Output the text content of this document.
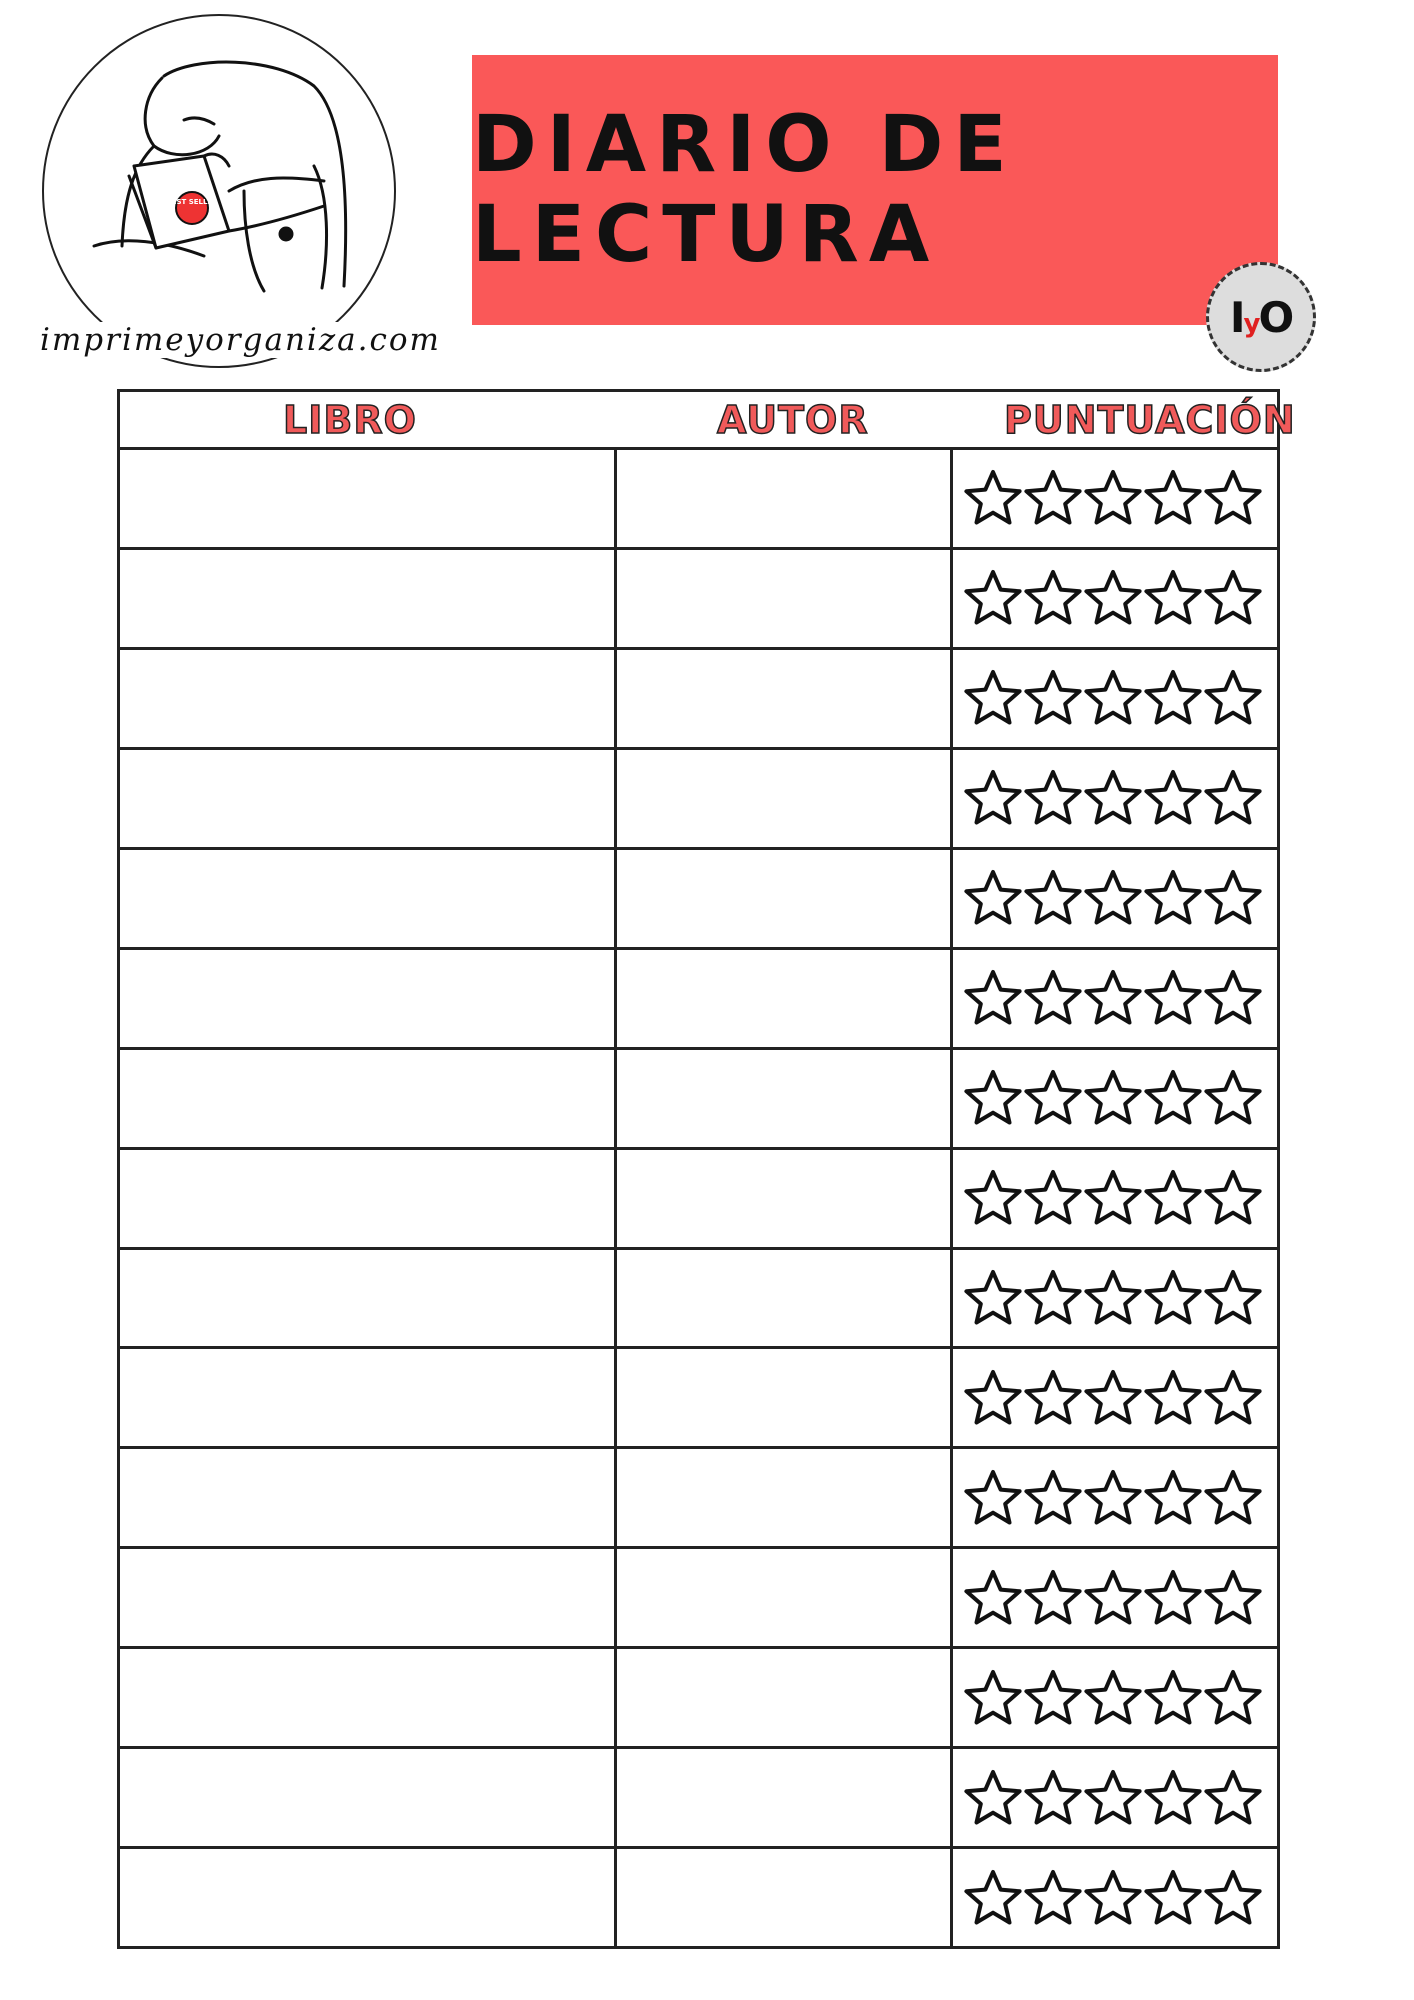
BEST SELLER
imprimeyorganiza.com
DIARIO DE LECTURA
IyO
LIBRO	AUTOR	PUNTUACIÓN
